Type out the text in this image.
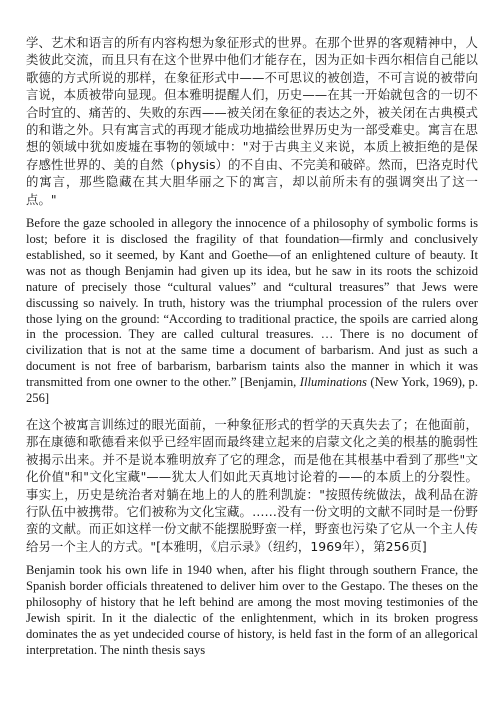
学、艺术和语言的所有内容构想为象征形式的世界。在那个世界的客观精神中，人类彼此交流，而且只有在这个世界中他们才能存在，因为正如卡西尔相信自己能以歌德的方式所说的那样，在象征形式中——不可思议的被创造，不可言说的被带向言说，本质被带向显现。但本雅明提醒人们，历史——在其一开始就包含的一切不合时宜的、痛苦的、失败的东西——被关闭在象征的表达之外，被关闭在古典模式的和谐之外。只有寓言式的再现才能成功地描绘世界历史为一部受难史。寓言在思想的领域中犹如废墟在事物的领域中："对于古典主义来说，本质上被拒绝的是保存感性世界的、美的自然（physis）的不自由、不完美和破碎。然而，巴洛克时代的寓言，那些隐藏在其大胆华丽之下的寓言，却以前所未有的强调突出了这一点。"

Before the gaze schooled in allegory the innocence of a philosophy of symbolic forms is lost; before it is disclosed the fragility of that foundation—firmly and conclusively established, so it seemed, by Kant and Goethe—of an enlightened culture of beauty. It was not as though Benjamin had given up its idea, but he saw in its roots the schizoid nature of precisely those “cultural values” and “cultural treasures” that Jews were discussing so naively. In truth, history was the triumphal procession of the rulers over those lying on the ground: “According to traditional practice, the spoils are carried along in the procession. They are called cultural treasures. … There is no document of civilization that is not at the same time a document of barbarism. And just as such a document is not free of barbarism, barbarism taints also the manner in which it was transmitted from one owner to the other.” [Benjamin, Illuminations (New York, 1969), p. 256]

在这个被寓言训练过的眼光面前，一种象征形式的哲学的天真失去了；在他面前，那在康德和歌德看来似乎已经牢固而最终建立起来的启蒙文化之美的根基的脆弱性被揭示出来。并不是说本雅明放弃了它的理念，而是他在其根基中看到了那些"文化价值"和"文化宝藏"——犹太人们如此天真地讨论着的——的本质上的分裂性。事实上，历史是统治者对躺在地上的人的胜利凯旋："按照传统做法，战利品在游行队伍中被携带。它们被称为文化宝藏。……没有一份文明的文献不同时是一份野蛮的文献。而正如这样一份文献不能摆脱野蛮一样，野蛮也污染了它从一个主人传给另一个主人的方式。"[本雅明，《启示录》（纽约，1969年），第256页]

Benjamin took his own life in 1940 when, after his flight through southern France, the Spanish border officials threatened to deliver him over to the Gestapo. The theses on the philosophy of history that he left behind are among the most moving testimonies of the Jewish spirit. In it the dialectic of the enlightenment, which in its broken progress dominates the as yet undecided course of history, is held fast in the form of an allegorical interpretation. The ninth thesis says
